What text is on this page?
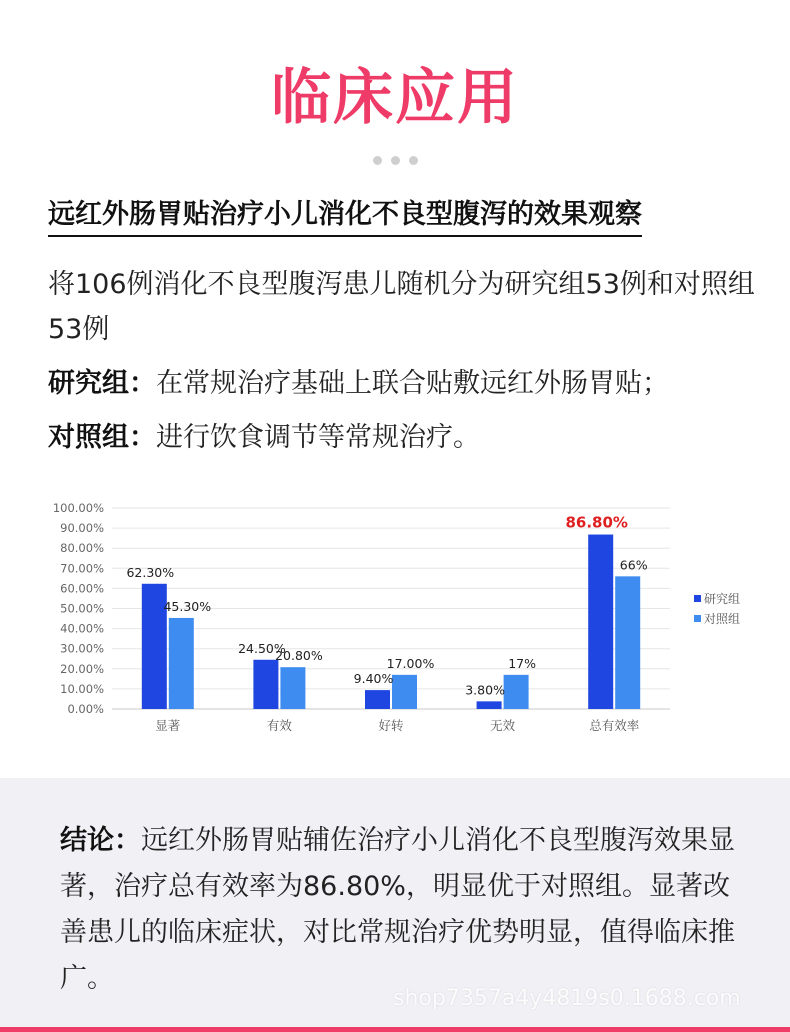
临床应用
远红外肠胃贴治疗小儿消化不良型腹泻的效果观察
将106例消化不良型腹泻患儿随机分为研究组53例和对照组53例
研究组：在常规治疗基础上联合贴敷远红外肠胃贴；
对照组：进行饮食调节等常规治疗。
0.00%
10.00%
20.00%
30.00%
40.00%
50.00%
60.00%
70.00%
80.00%
90.00%
100.00%
62.30%
45.30%
显著
24.50%
20.80%
有效
9.40%
17.00%
好转
3.80%
17%
无效
86.80%
66%
总有效率
研究组
对照组
结论：远红外肠胃贴辅佐治疗小儿消化不良型腹泻效果显著，治疗总有效率为86.80%，明显优于对照组。显著改善患儿的临床症状，对比常规治疗优势明显，值得临床推广。
shop7357a4y4819s0.1688.com
